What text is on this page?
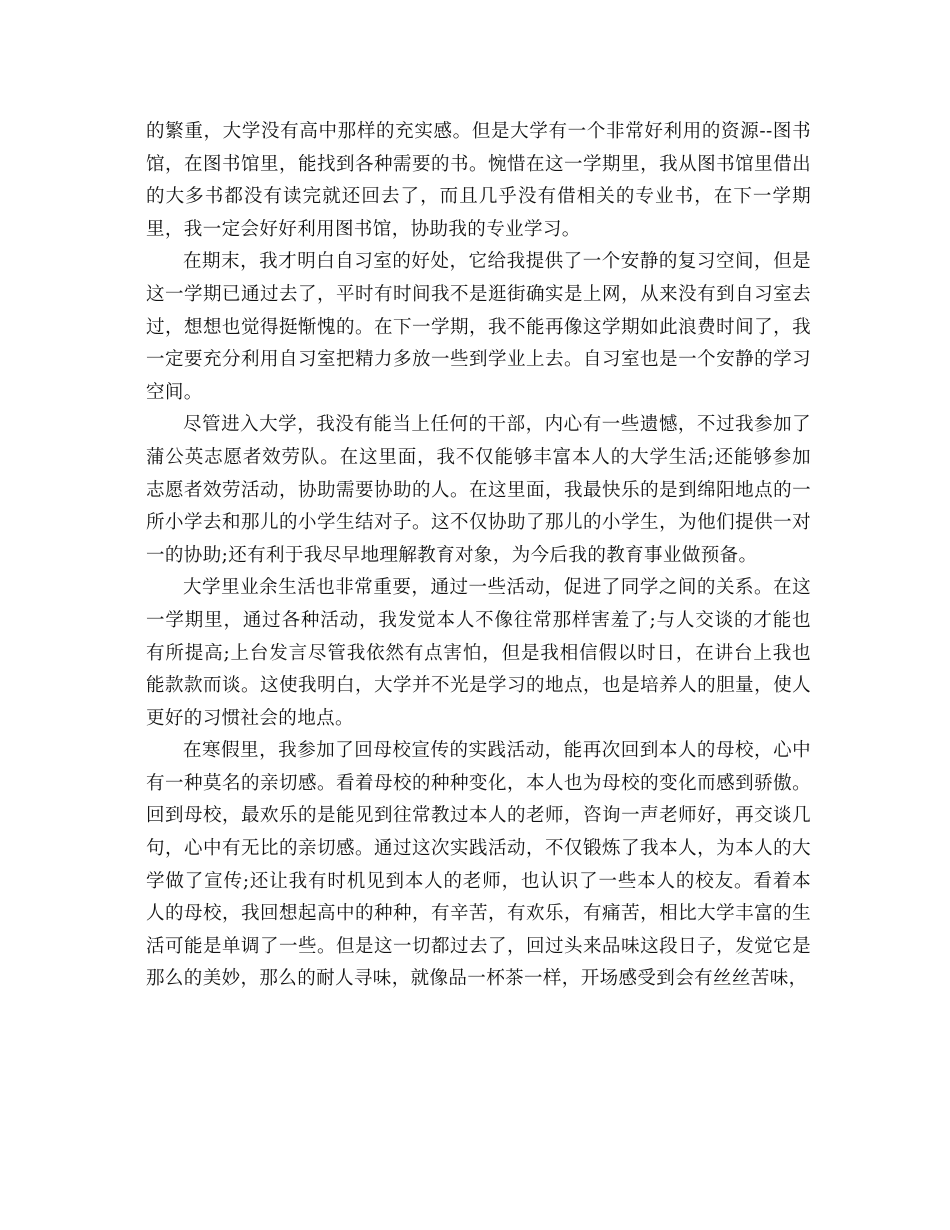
的繁重，大学没有高中那样的充实感。但是大学有一个非常好利用的资源--图书馆，在图书馆里，能找到各种需要的书。惋惜在这一学期里，我从图书馆里借出的大多书都没有读完就还回去了，而且几乎没有借相关的专业书，在下一学期里，我一定会好好利用图书馆，协助我的专业学习。

在期末，我才明白自习室的好处，它给我提供了一个安静的复习空间，但是这一学期已通过去了，平时有时间我不是逛街确实是上网，从来没有到自习室去过，想想也觉得挺惭愧的。在下一学期，我不能再像这学期如此浪费时间了，我一定要充分利用自习室把精力多放一些到学业上去。自习室也是一个安静的学习空间。

尽管进入大学，我没有能当上任何的干部，内心有一些遗憾，不过我参加了蒲公英志愿者效劳队。在这里面，我不仅能够丰富本人的大学生活;还能够参加志愿者效劳活动，协助需要协助的人。在这里面，我最快乐的是到绵阳地点的一所小学去和那儿的小学生结对子。这不仅协助了那儿的小学生，为他们提供一对一的协助;还有利于我尽早地理解教育对象，为今后我的教育事业做预备。

大学里业余生活也非常重要，通过一些活动，促进了同学之间的关系。在这一学期里，通过各种活动，我发觉本人不像往常那样害羞了;与人交谈的才能也有所提高;上台发言尽管我依然有点害怕，但是我相信假以时日，在讲台上我也能款款而谈。这使我明白，大学并不光是学习的地点，也是培养人的胆量，使人更好的习惯社会的地点。

在寒假里，我参加了回母校宣传的实践活动，能再次回到本人的母校，心中有一种莫名的亲切感。看着母校的种种变化，本人也为母校的变化而感到骄傲。回到母校，最欢乐的是能见到往常教过本人的老师，咨询一声老师好，再交谈几句，心中有无比的亲切感。通过这次实践活动，不仅锻炼了我本人，为本人的大学做了宣传;还让我有时机见到本人的老师，也认识了一些本人的校友。看着本人的母校，我回想起高中的种种，有辛苦，有欢乐，有痛苦，相比大学丰富的生活可能是单调了一些。但是这一切都过去了，回过头来品味这段日子，发觉它是那么的美妙，那么的耐人寻味，就像品一杯茶一样，开场感受到会有丝丝苦味，
